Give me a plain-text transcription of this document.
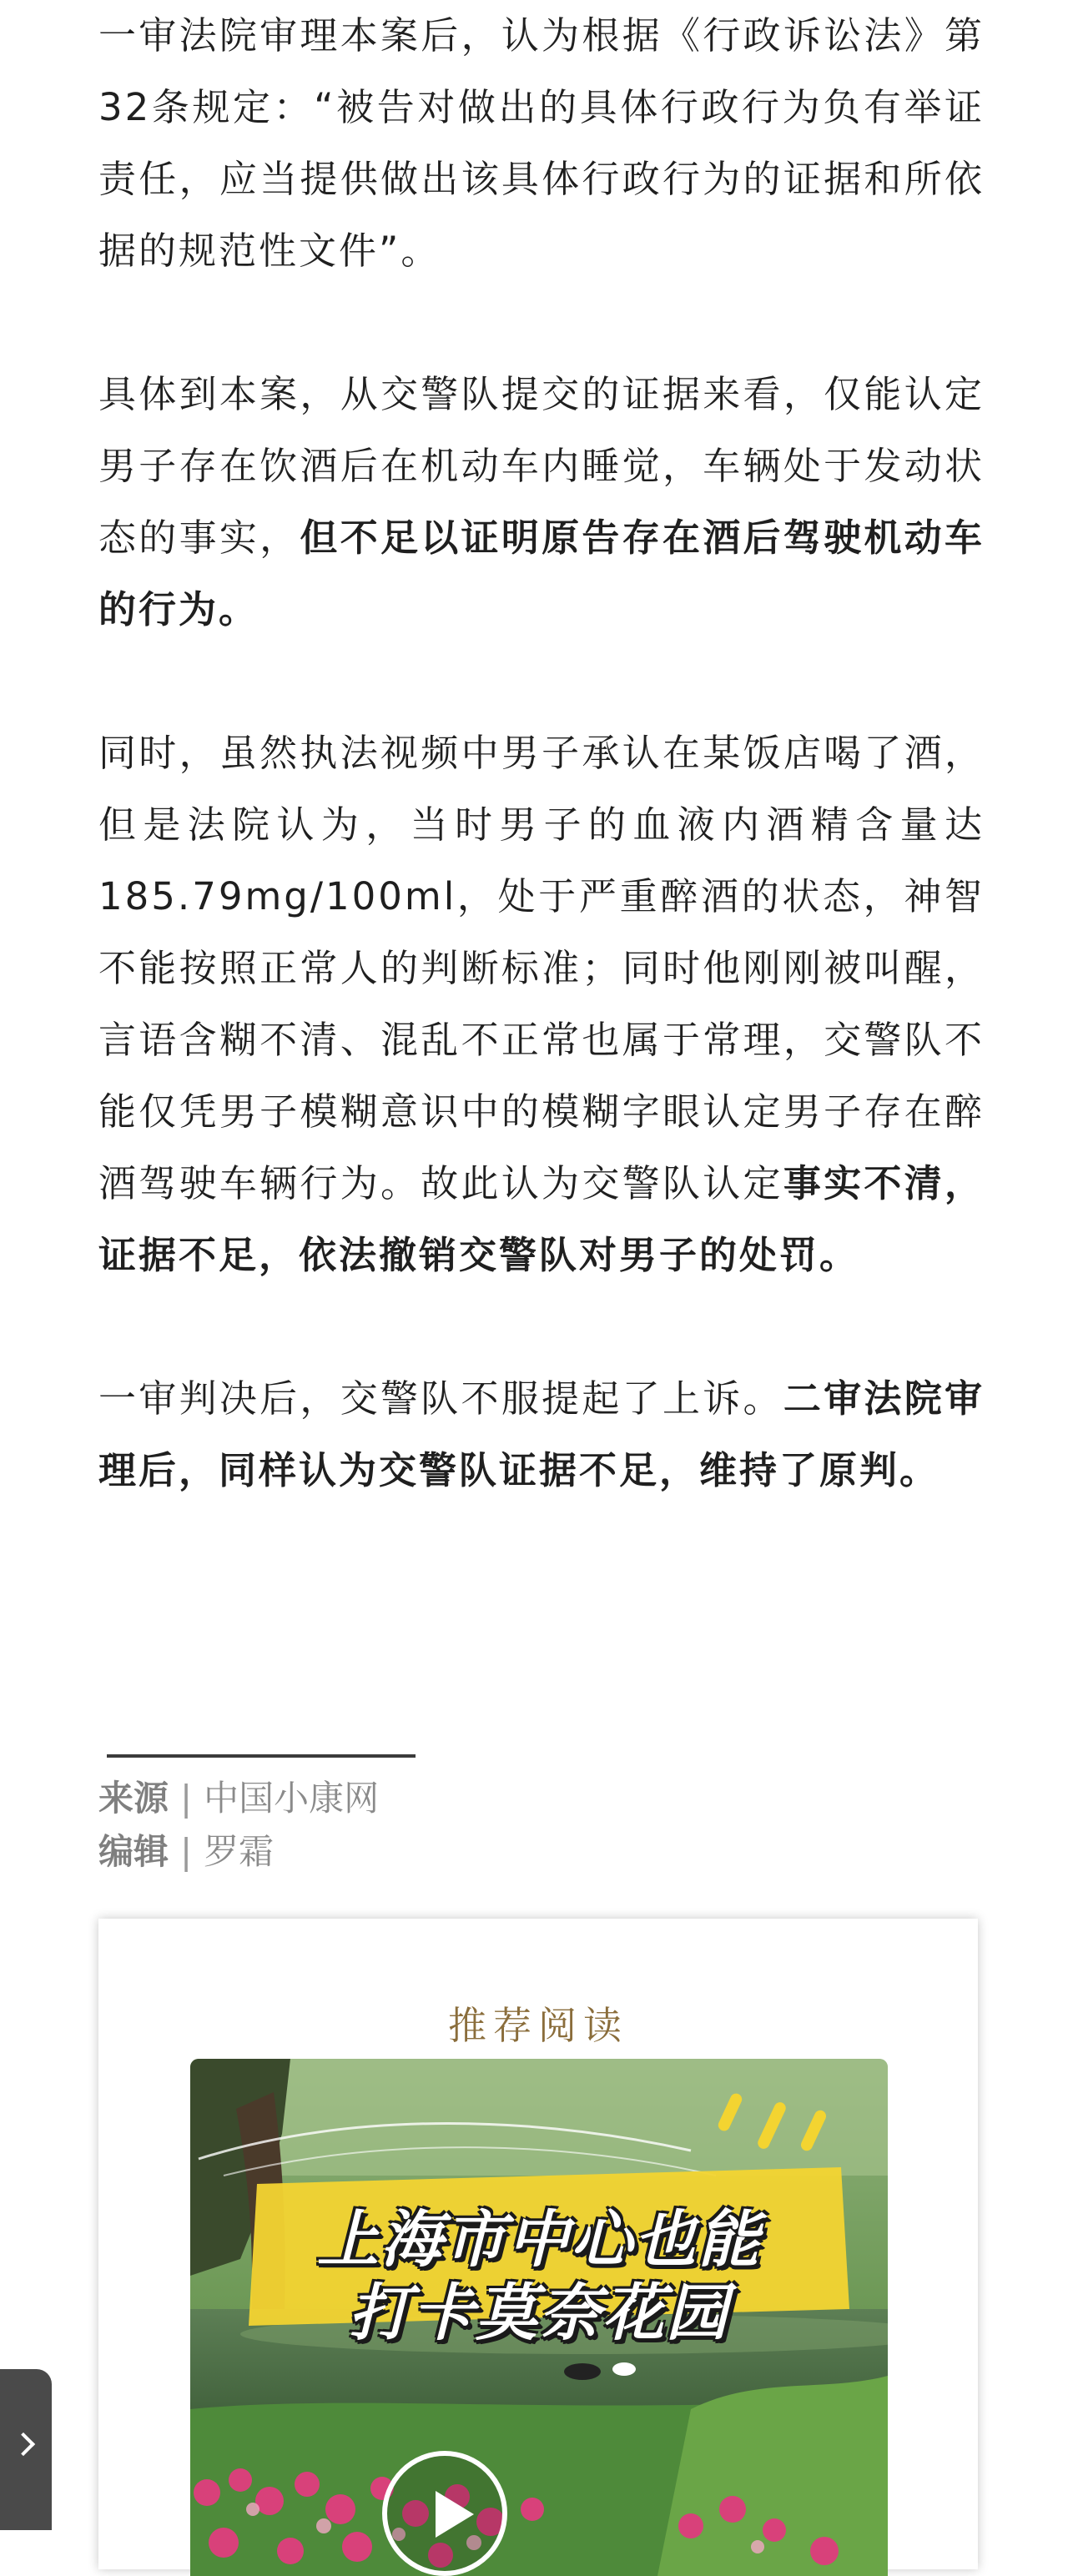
一审法院审理本案后，认为根据《行政诉讼法》第32条规定：“被告对做出的具体行政行为负有举证责任，应当提供做出该具体行政行为的证据和所依据的规范性文件”。

具体到本案，从交警队提交的证据来看，仅能认定男子存在饮酒后在机动车内睡觉，车辆处于发动状态的事实，但不足以证明原告存在酒后驾驶机动车的行为。

同时，虽然执法视频中男子承认在某饭店喝了酒，但是法院认为，当时男子的血液内酒精含量达185.79mg/100ml，处于严重醉酒的状态，神智不能按照正常人的判断标准；同时他刚刚被叫醒，言语含糊不清、混乱不正常也属于常理，交警队不能仅凭男子模糊意识中的模糊字眼认定男子存在醉酒驾驶车辆行为。故此认为交警队认定事实不清，证据不足，依法撤销交警队对男子的处罚。

一审判决后，交警队不服提起了上诉。二审法院审理后，同样认为交警队证据不足，维持了原判。

来源 | 中国小康网
编辑 | 罗霜
推荐阅读
上海市中心也能
打卡莫奈花园
